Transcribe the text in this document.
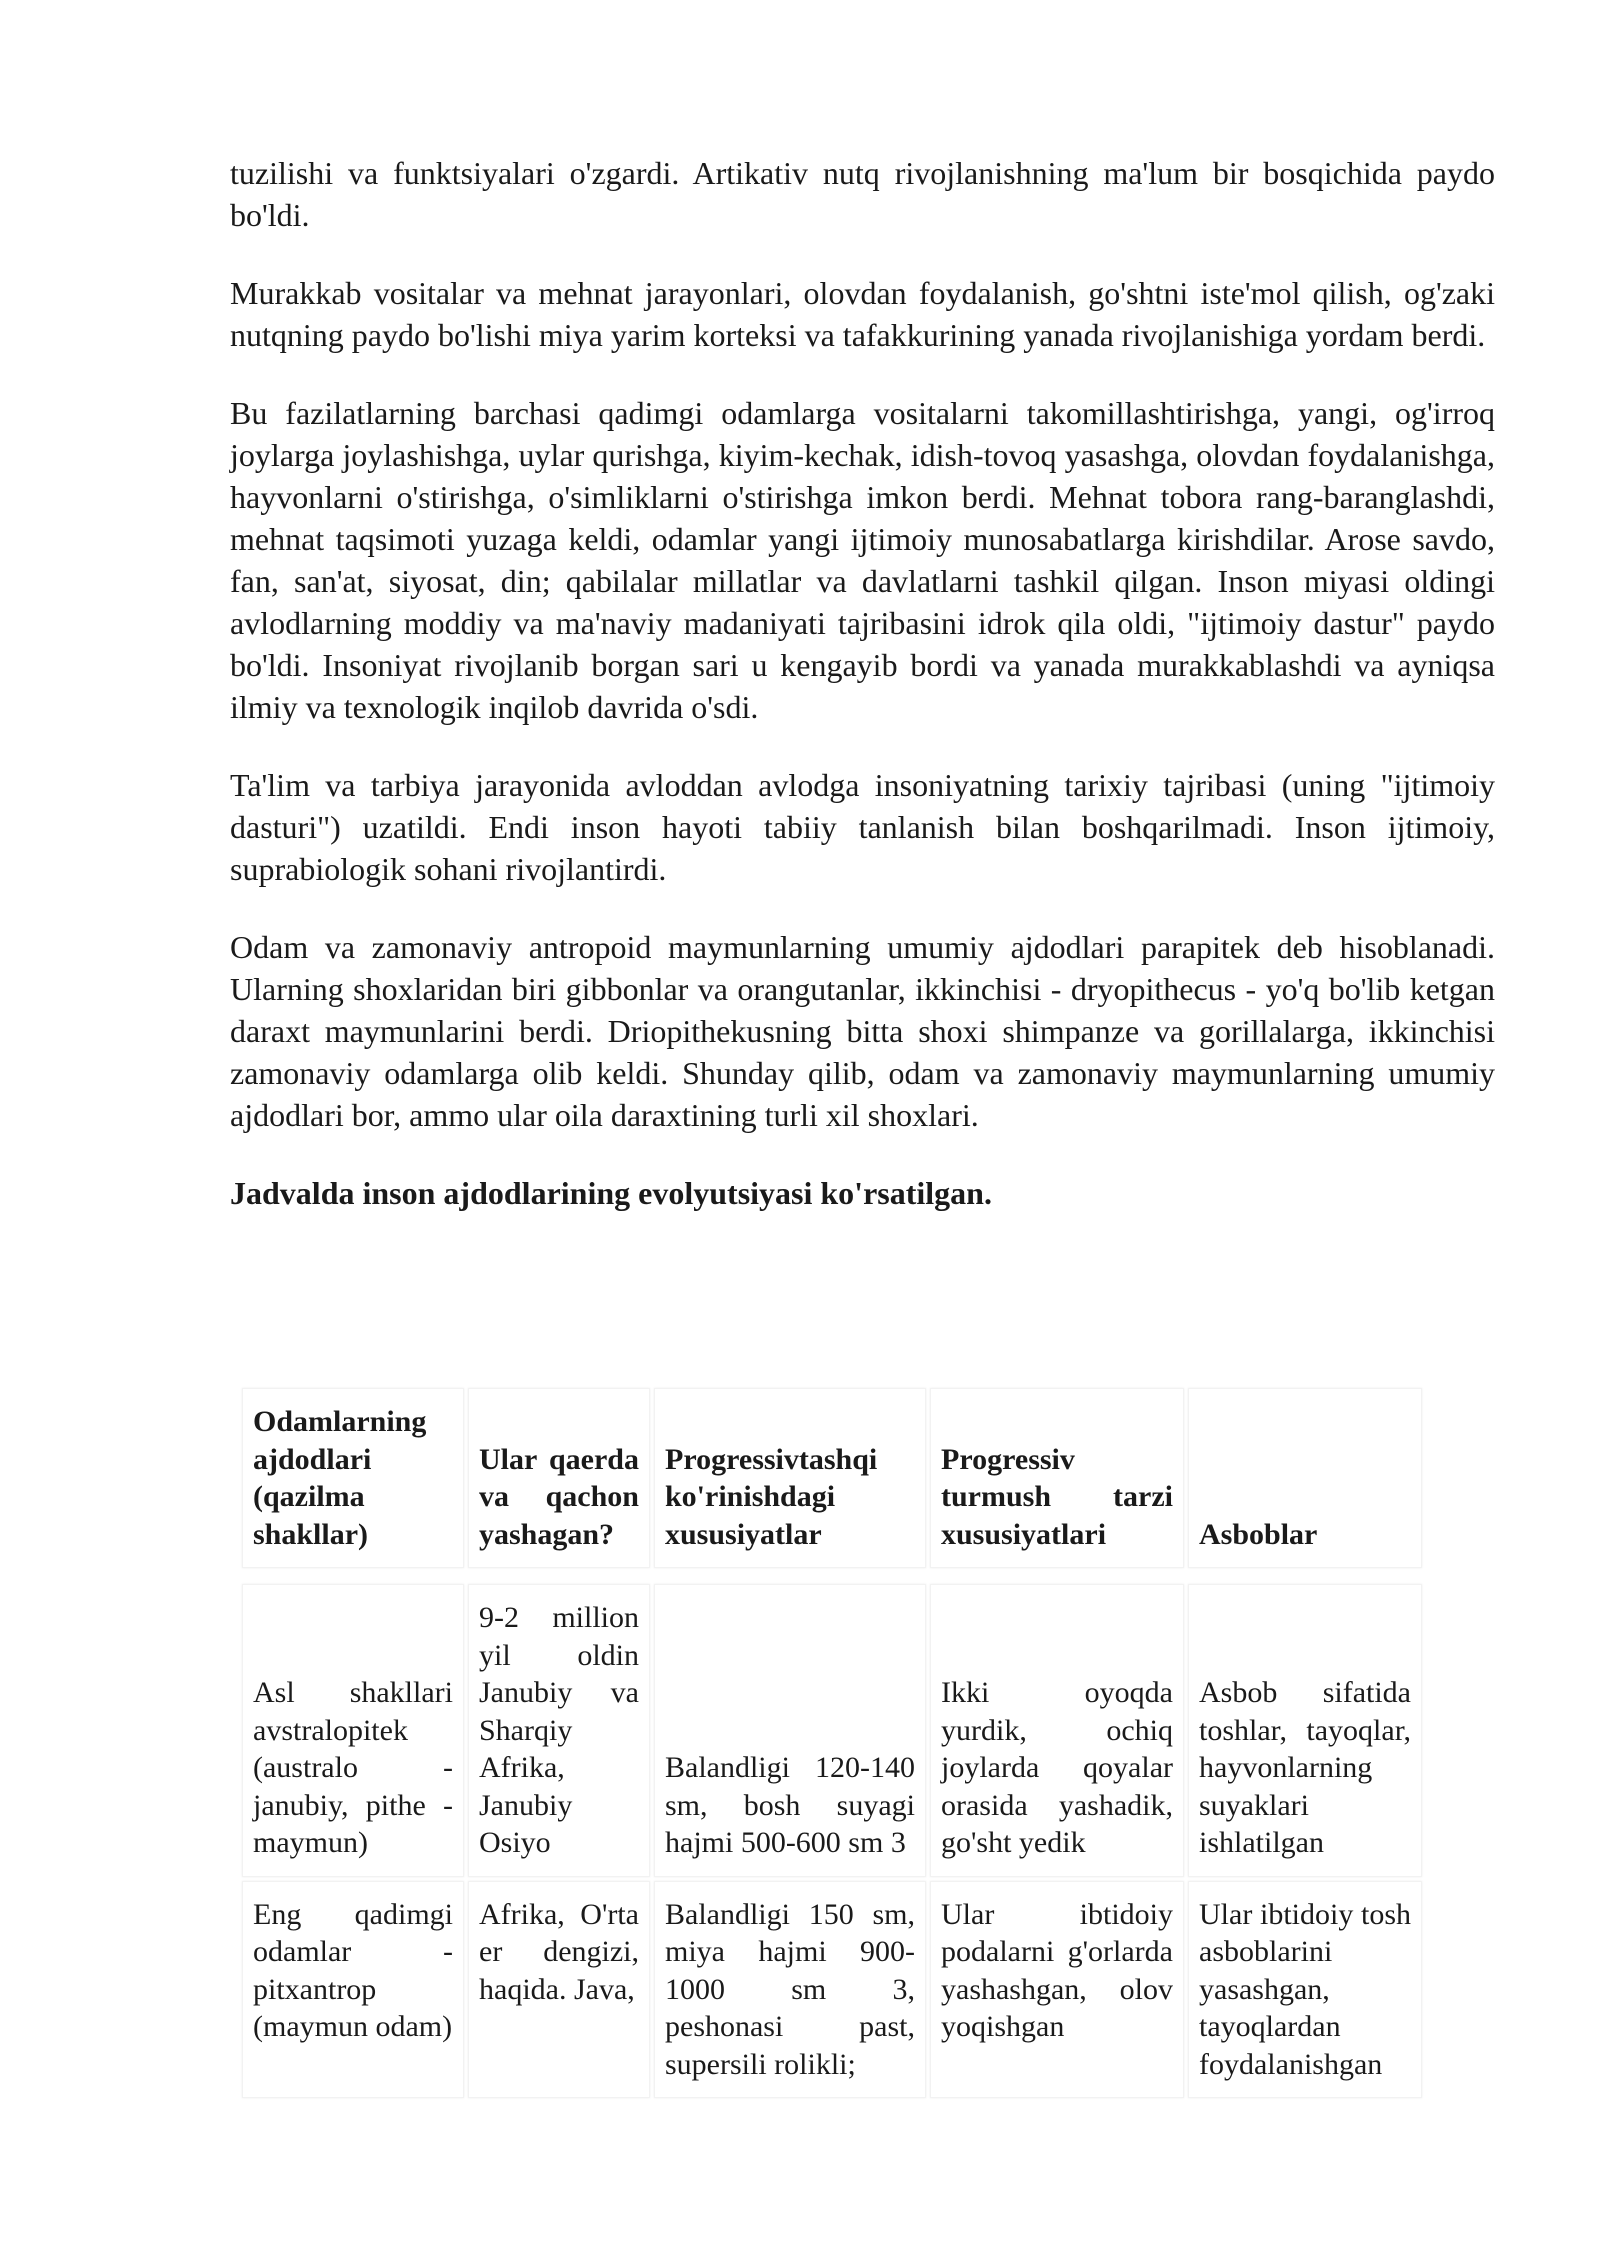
tuzilishi va funktsiyalari o'zgardi. Artikativ nutq rivojlanishning ma'lum bir bosqichida paydo bo'ldi.

Murakkab vositalar va mehnat jarayonlari, olovdan foydalanish, go'shtni iste'mol qilish, og'zaki nutqning paydo bo'lishi miya yarim korteksi va tafakkurining yanada rivojlanishiga yordam berdi.

Bu fazilatlarning barchasi qadimgi odamlarga vositalarni takomillashtirishga, yangi, og'irroq joylarga joylashishga, uylar qurishga, kiyim-kechak, idish-tovoq yasashga, olovdan foydalanishga, hayvonlarni o'stirishga, o'simliklarni o'stirishga imkon berdi. Mehnat tobora rang-baranglashdi, mehnat taqsimoti yuzaga keldi, odamlar yangi ijtimoiy munosabatlarga kirishdilar. Arose savdo, fan, san'at, siyosat, din; qabilalar millatlar va davlatlarni tashkil qilgan. Inson miyasi oldingi avlodlarning moddiy va ma'naviy madaniyati tajribasini idrok qila oldi, "ijtimoiy dastur" paydo bo'ldi. Insoniyat rivojlanib borgan sari u kengayib bordi va yanada murakkablashdi va ayniqsa ilmiy va texnologik inqilob davrida o'sdi.

Ta'lim va tarbiya jarayonida avloddan avlodga insoniyatning tarixiy tajribasi (uning "ijtimoiy dasturi") uzatildi. Endi inson hayoti tabiiy tanlanish bilan boshqarilmadi. Inson ijtimoiy, suprabiologik sohani rivojlantirdi.

Odam va zamonaviy antropoid maymunlarning umumiy ajdodlari parapitek deb hisoblanadi. Ularning shoxlaridan biri gibbonlar va orangutanlar, ikkinchisi - dryopithecus - yo'q bo'lib ketgan daraxt maymunlarini berdi. Driopithekusning bitta shoxi shimpanze va gorillalarga, ikkinchisi zamonaviy odamlarga olib keldi. Shunday qilib, odam va zamonaviy maymunlarning umumiy ajdodlari bor, ammo ular oila daraxtining turli xil shoxlari.

Jadvalda inson ajdodlarining evolyutsiyasi ko'rsatilgan.

Odamlarning ajdodlari (qazilma shakllar)	Ular qaerda va qachon yashagan?	Progressivtashqi ko'rinishdagi xususiyatlar	Progressiv turmush tarzi xususiyatlari	Asboblar

Asl shakllari avstralopitek (australo - janubiy, pithe - maymun)	9-2 million yil oldin Janubiy va Sharqiy Afrika, Janubiy Osiyo	Balandligi 120-140 sm, bosh suyagi hajmi 500-600 sm 3	Ikki oyoqda yurdik, ochiq joylarda qoyalar orasida yashadik, go'sht yedik	Asbob sifatida toshlar, tayoqlar, hayvonlarning suyaklari ishlatilgan
Eng qadimgi odamlar - pitxantrop (maymun odam)	Afrika, O'rta er dengizi, haqida. Java,	Balandligi 150 sm, miya hajmi 900-1000 sm 3, peshonasi past, supersili rolikli;	Ular ibtidoiy podalarni g'orlarda yashashgan, olov yoqishgan	Ular ibtidoiy tosh asboblarini yasashgan, tayoqlardan foydalanishgan
